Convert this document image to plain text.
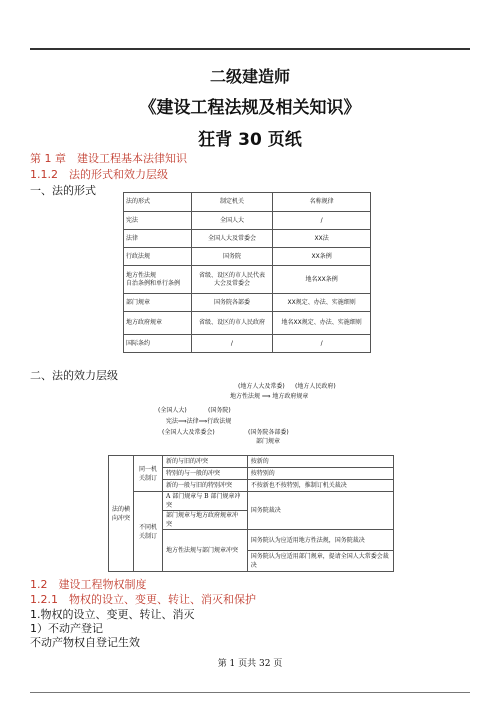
二级建造师
《建设工程法规及相关知识》
狂背 30 页纸
第 1 章　建设工程基本法律知识
1.1.2　法的形式和效力层级
一、法的形式
法的形式	制定机关	名称规律
宪法	全国人大	/
法律	全国人大及常委会	XX法
行政法规	国务院	XX条例
地方性法规
自治条例和单行条例	省级、设区的市人民代表
大会及常委会	地名XX条例
部门规章	国务院各部委	XX规定、办法、实施细则
地方政府规章	省级、设区的市人民政府	地名XX规定、办法、实施细则
国际条约	/	/
二、法的效力层级
(地方人大及常委) (地方人民政府)
地方性法规 ⟹ 地方政府规章
(全国人大)	(国务院)
宪法⟹法律⟹行政法规
(全国人大及常委会)	(国务院各部委)
部门规章
法的横向冲突	同一机关制订	新的与旧的冲突	按新的
		特别的与一般的冲突	按特别的
		新的一般与旧的特别冲突	不按新也不按特别，推制订机关裁决
	不同机关制订	A 部门规章与 B 部门规章冲突	国务院裁决
		部门规章与地方政府规章冲突	
		地方性法规与部门规章冲突	国务院认为应适用地方性法规，国务院裁决
			国务院认为应适用部门规章，提请全国人大常委会裁决
1.2　建设工程物权制度
1.2.1　物权的设立、变更、转让、消灭和保护
1.物权的设立、变更、转让、消灭
1）不动产登记
不动产物权自登记生效
第 1 页共 32 页
